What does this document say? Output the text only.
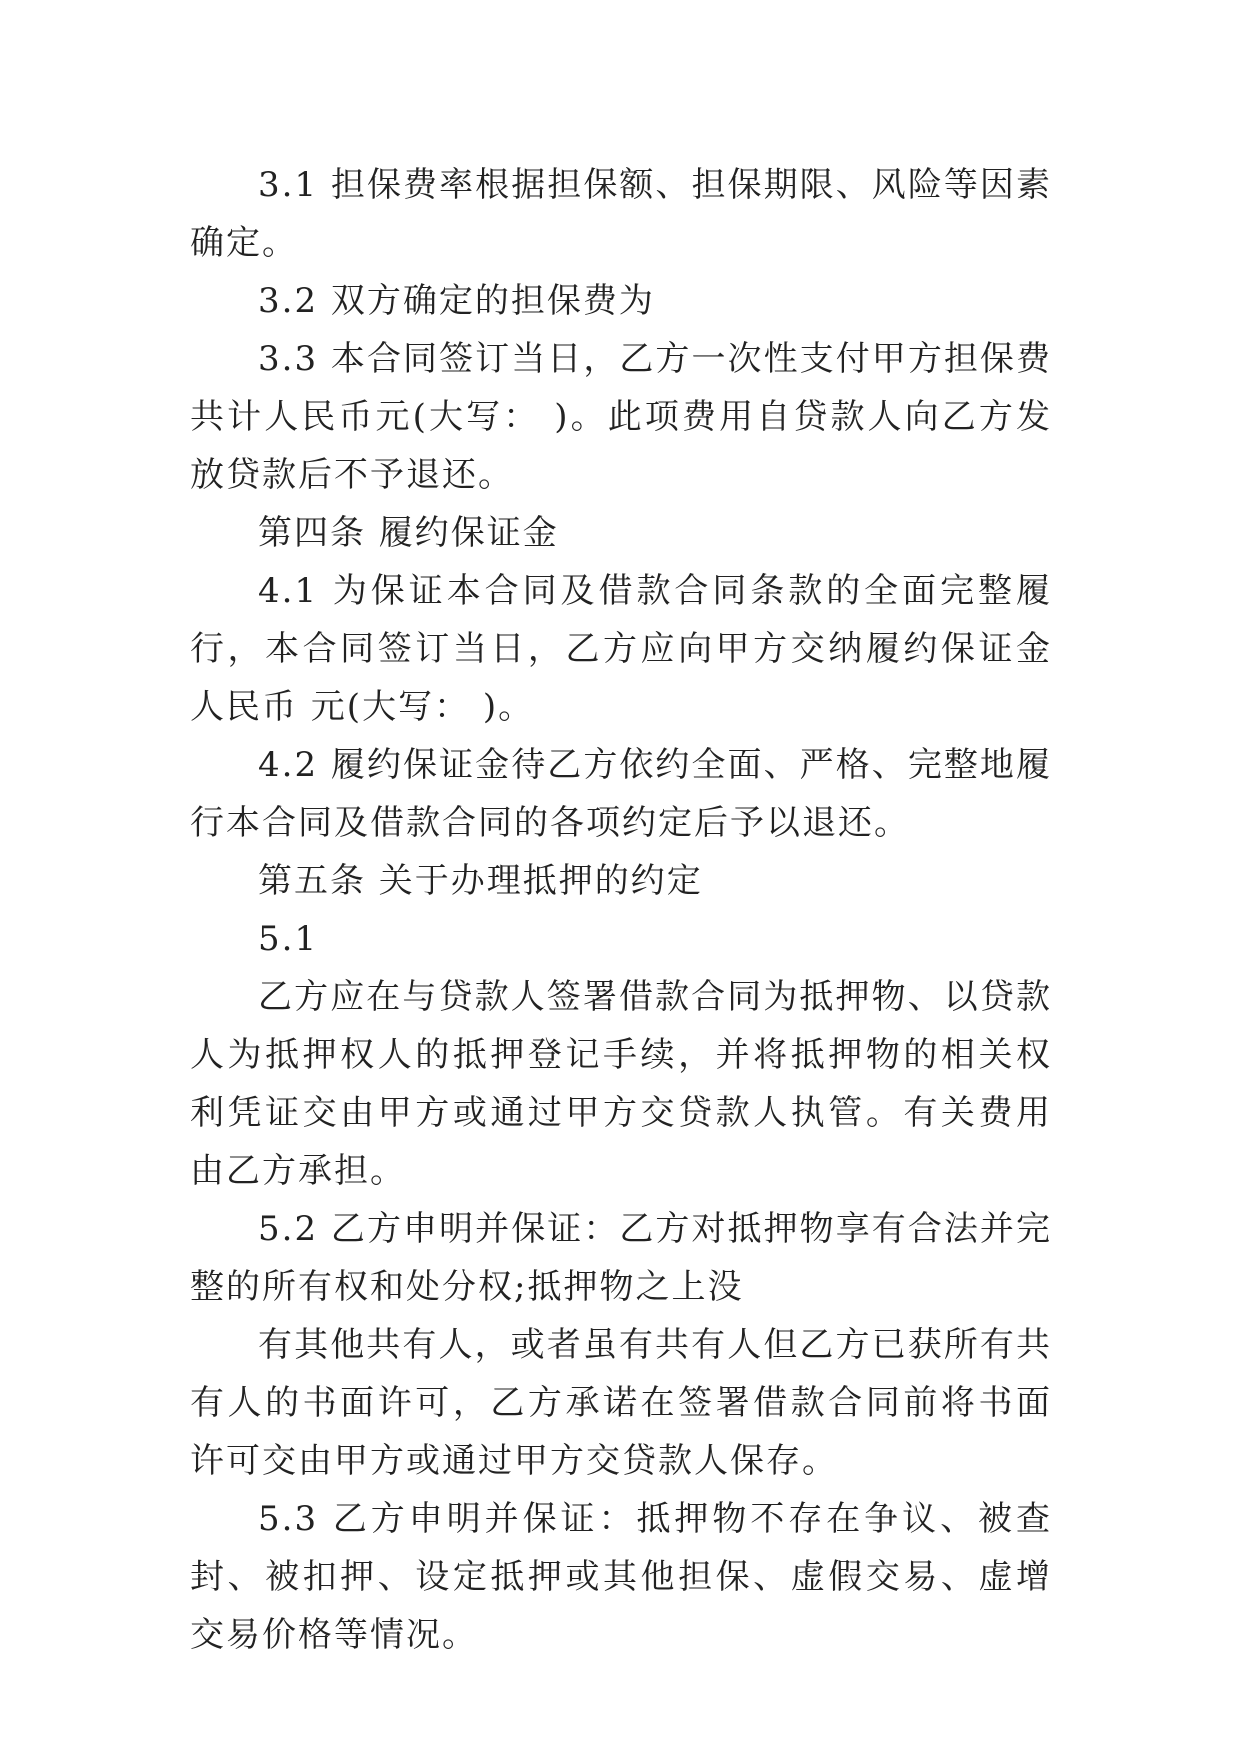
3.1 担保费率根据担保额、担保期限、风险等因素确定。

3.2 双方确定的担保费为

3.3 本合同签订当日，乙方一次性支付甲方担保费共计人民币元(大写： )。此项费用自贷款人向乙方发放贷款后不予退还。

第四条 履约保证金

4.1 为保证本合同及借款合同条款的全面完整履行，本合同签订当日，乙方应向甲方交纳履约保证金人民币 元(大写： )。

4.2 履约保证金待乙方依约全面、严格、完整地履行本合同及借款合同的各项约定后予以退还。

第五条 关于办理抵押的约定

5.1

乙方应在与贷款人签署借款合同为抵押物、以贷款人为抵押权人的抵押登记手续，并将抵押物的相关权利凭证交由甲方或通过甲方交贷款人执管。有关费用由乙方承担。

5.2 乙方申明并保证：乙方对抵押物享有合法并完整的所有权和处分权;抵押物之上没

有其他共有人，或者虽有共有人但乙方已获所有共有人的书面许可，乙方承诺在签署借款合同前将书面许可交由甲方或通过甲方交贷款人保存。

5.3 乙方申明并保证：抵押物不存在争议、被查封、被扣押、设定抵押或其他担保、虚假交易、虚增交易价格等情况。
